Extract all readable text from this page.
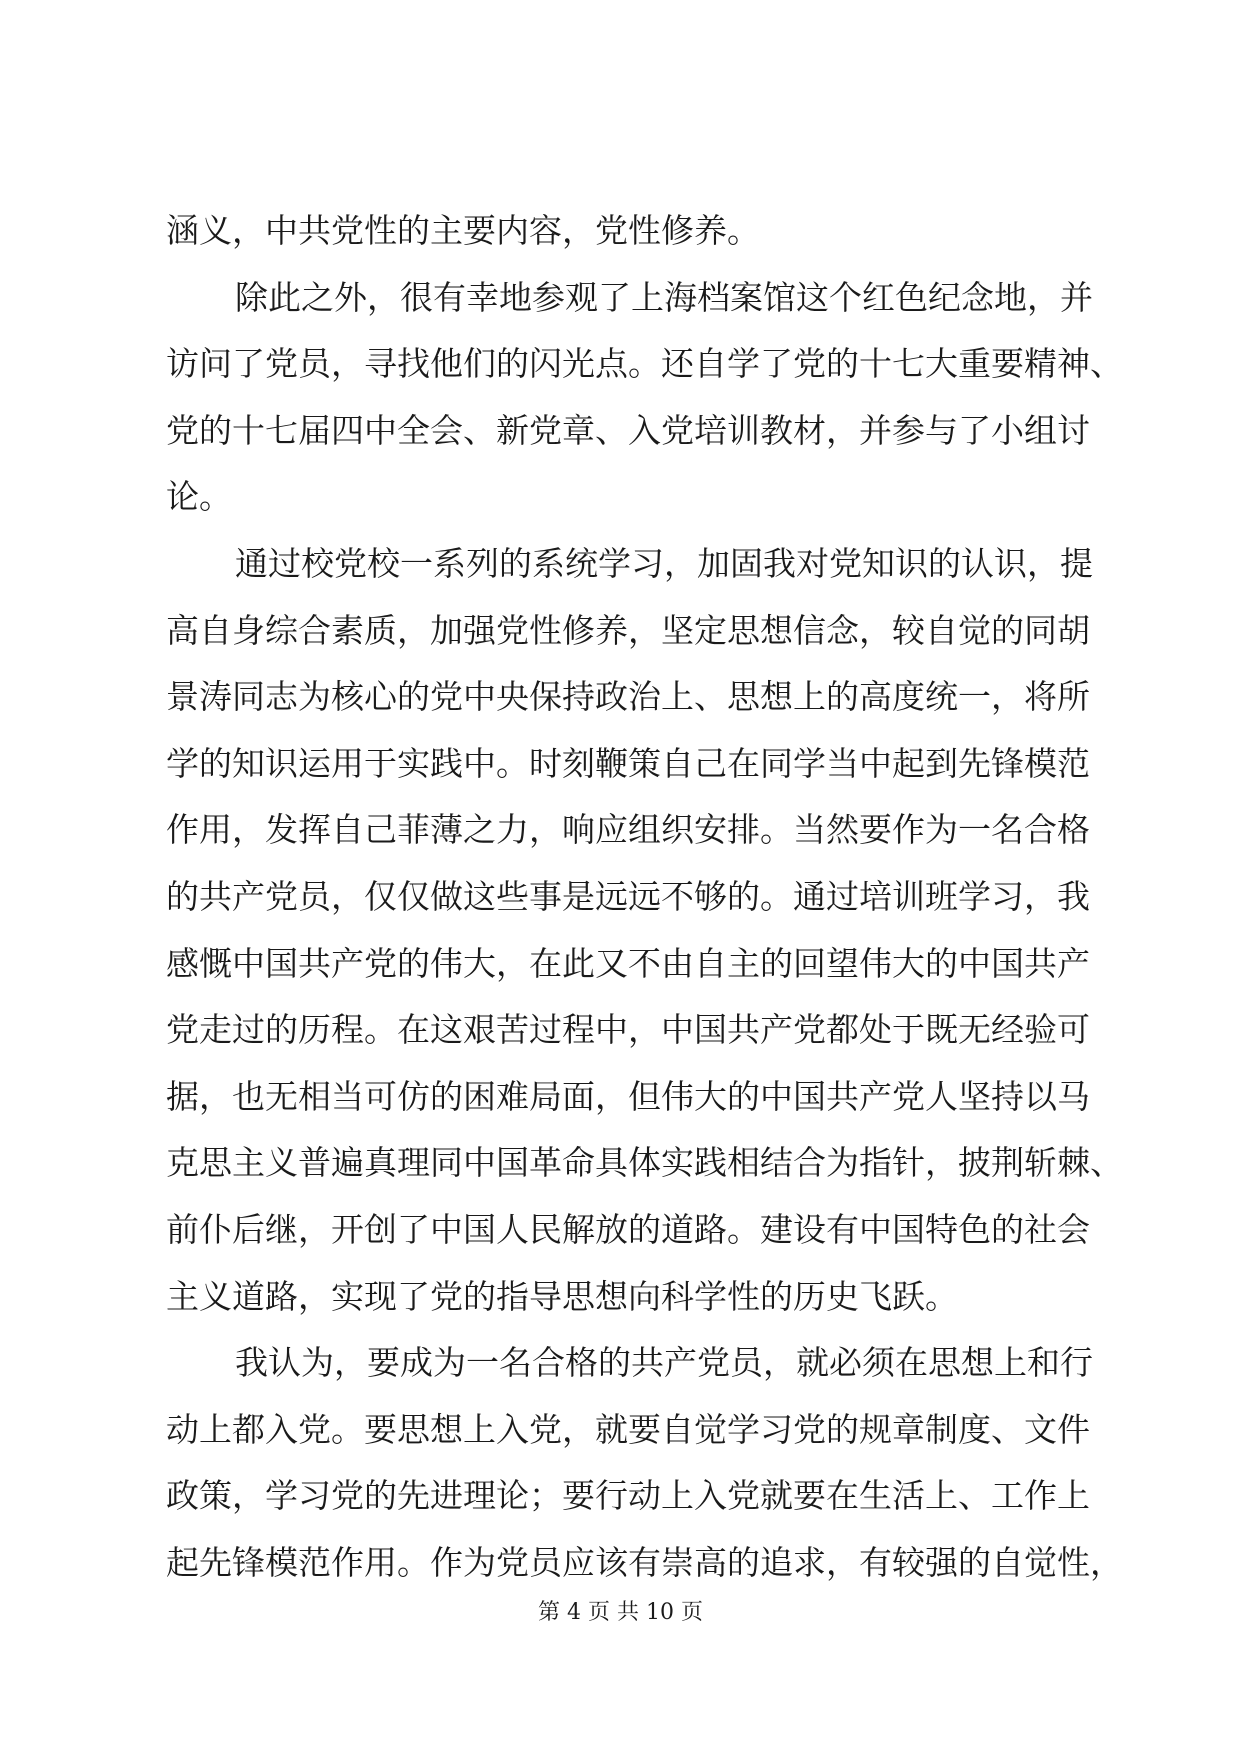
涵义，中共党性的主要内容，党性修养。
除此之外，很有幸地参观了上海档案馆这个红色纪念地，并
访问了党员，寻找他们的闪光点。还自学了党的十七大重要精神、
党的十七届四中全会、新党章、入党培训教材，并参与了小组讨
论。
通过校党校一系列的系统学习，加固我对党知识的认识，提
高自身综合素质，加强党性修养，坚定思想信念，较自觉的同胡
景涛同志为核心的党中央保持政治上、思想上的高度统一，将所
学的知识运用于实践中。时刻鞭策自己在同学当中起到先锋模范
作用，发挥自己菲薄之力，响应组织安排。当然要作为一名合格
的共产党员，仅仅做这些事是远远不够的。通过培训班学习，我
感慨中国共产党的伟大，在此又不由自主的回望伟大的中国共产
党走过的历程。在这艰苦过程中，中国共产党都处于既无经验可
据，也无相当可仿的困难局面，但伟大的中国共产党人坚持以马
克思主义普遍真理同中国革命具体实践相结合为指针，披荆斩棘、
前仆后继，开创了中国人民解放的道路。建设有中国特色的社会
主义道路，实现了党的指导思想向科学性的历史飞跃。
我认为，要成为一名合格的共产党员，就必须在思想上和行
动上都入党。要思想上入党，就要自觉学习党的规章制度、文件
政策，学习党的先进理论；要行动上入党就要在生活上、工作上
起先锋模范作用。作为党员应该有崇高的追求，有较强的自觉性，
第 4 页 共 10 页
